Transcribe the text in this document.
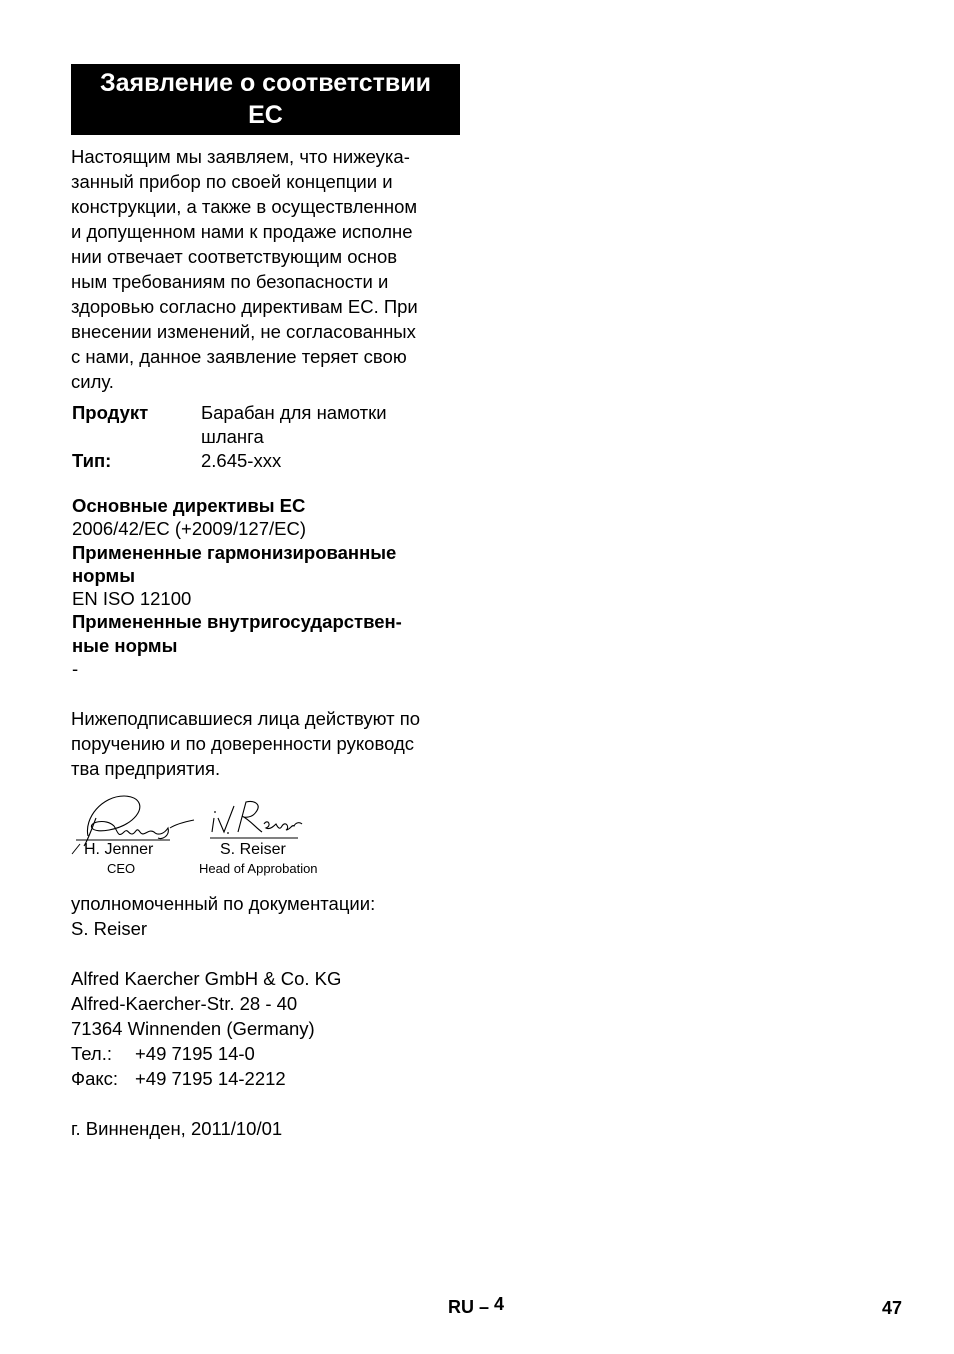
Заявление о соответствии
ЕС
Настоящим мы заявляем, что нижеука-
занный прибор по своей концепции и
конструкции, а также в осуществленном
и допущенном нами к продаже исполне
нии отвечает соответствующим основ
ным требованиям по безопасности и
здоровью согласно директивам ЕС. При
внесении изменений, не согласованных
с нами, данное заявление теряет свою
силу.
Продукт	Барабан для намотки
шланга
Тип:	2.645-xxx
Основные директивы ЕС
2006/42/EC (+2009/127/EC)
Примененные гармонизированные
нормы
EN ISO 12100
Примененные внутригосударствен-
ные нормы
-
Нижеподписавшиеся лица действуют по
поручению и по доверенности руководс
тва предприятия.
H. Jenner
CEO
S. Reiser
Head of Approbation
уполномоченный по документации:
S. Reiser
Alfred Kaercher GmbH & Co. KG
Alfred-Kaercher-Str. 28 - 40
71364 Winnenden (Germany)
Тел.: +49 7195 14-0
Факс: +49 7195 14-2212
г. Винненден, 2011/10/01
RU – 4	47
